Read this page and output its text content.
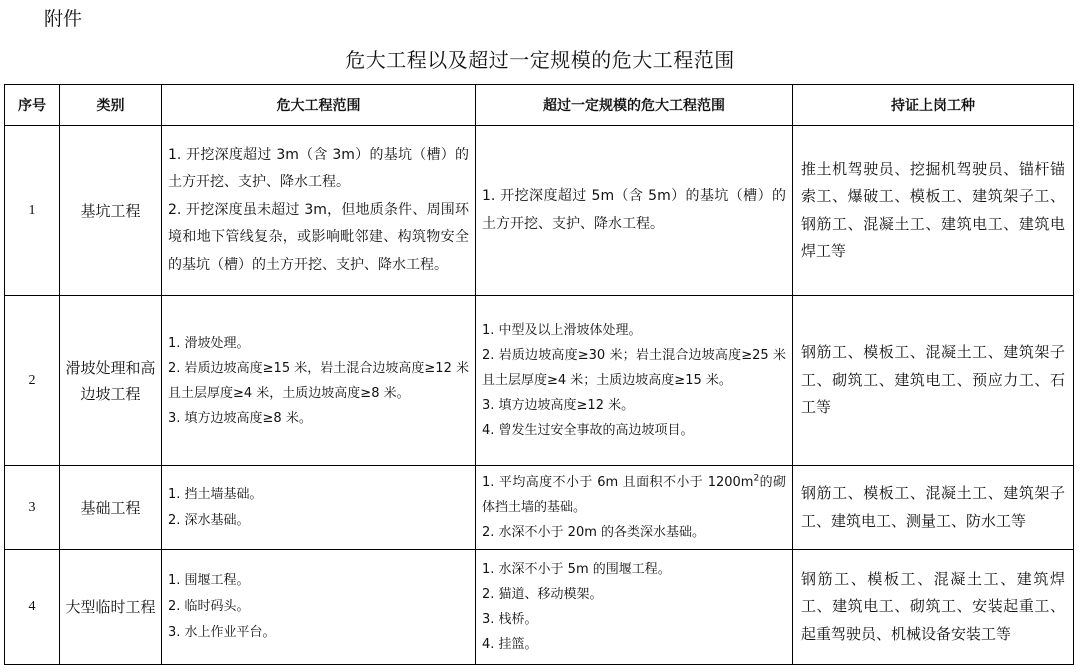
附件
危大工程以及超过一定规模的危大工程范围
序号	类别	危大工程范围	超过一定规模的危大工程范围	持证上岗工种
1	基坑工程	1. 开挖深度超过 3m（含 3m）的基坑（槽）的土方开挖、支护、降水工程。
2. 开挖深度虽未超过 3m，但地质条件、周围环境和地下管线复杂，或影响毗邻建、构筑物安全的基坑（槽）的土方开挖、支护、降水工程。	1. 开挖深度超过 5m（含 5m）的基坑（槽）的土方开挖、支护、降水工程。	推土机驾驶员、挖掘机驾驶员、锚杆锚索工、爆破工、模板工、建筑架子工、钢筋工、混凝土工、建筑电工、建筑电焊工等
2	滑坡处理和高边坡工程	1. 滑坡处理。
2. 岩质边坡高度≥15 米，岩土混合边坡高度≥12 米且土层厚度≥4 米，土质边坡高度≥8 米。
3. 填方边坡高度≥8 米。	1. 中型及以上滑坡体处理。
2. 岩质边坡高度≥30 米；岩土混合边坡高度≥25 米且土层厚度≥4 米；土质边坡高度≥15 米。
3. 填方边坡高度≥12 米。
4. 曾发生过安全事故的高边坡项目。	钢筋工、模板工、混凝土工、建筑架子工、砌筑工、建筑电工、预应力工、石工等
3	基础工程	1. 挡土墙基础。
2. 深水基础。	1. 平均高度不小于 6m 且面积不小于 $1200m^2$的砌体挡土墙的基础。
2. 水深不小于 20m 的各类深水基础。	钢筋工、模板工、混凝土工、建筑架子工、建筑电工、测量工、防水工等
4	大型临时工程	1. 围堰工程。
2. 临时码头。
3. 水上作业平台。	1. 水深不小于 5m 的围堰工程。
2. 猫道、移动模架。
3. 栈桥。
4. 挂篮。	钢筋工、模板工、混凝土工、建筑焊工、建筑电工、砌筑工、安装起重工、起重驾驶员、机械设备安装工等
